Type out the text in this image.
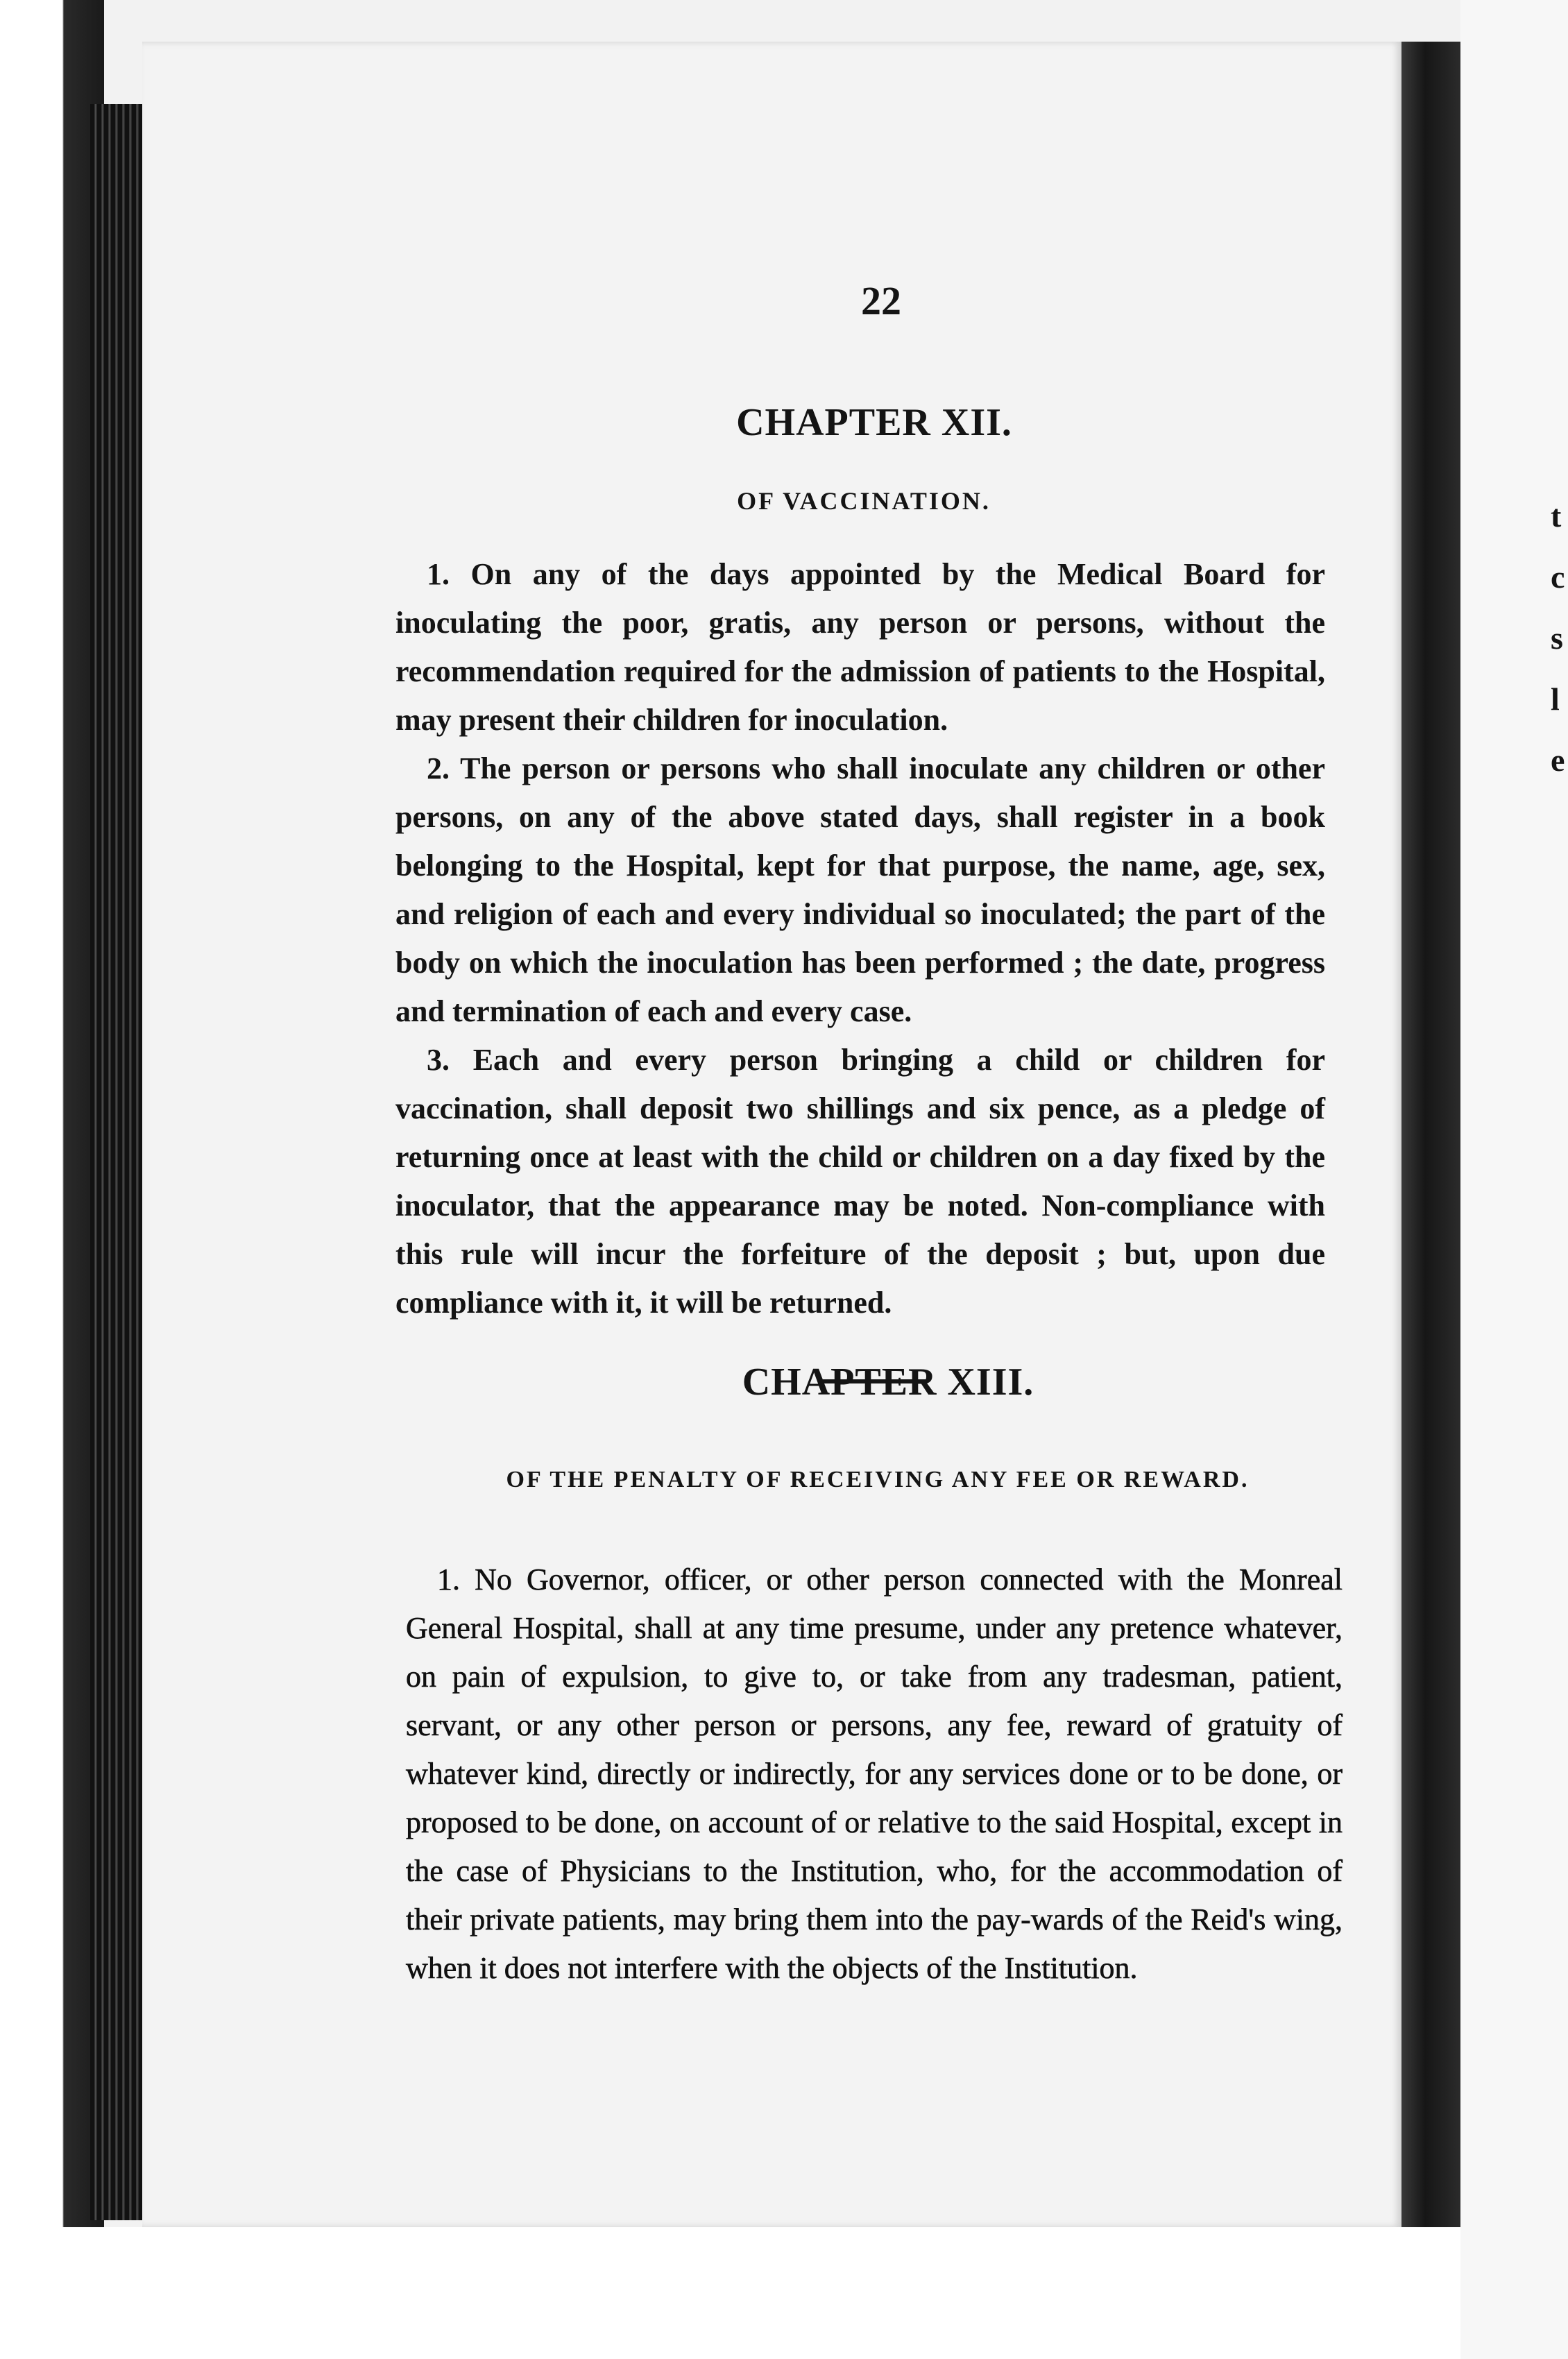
t c s l e
22
CHAPTER XII.
OF VACCINATION.

1. On any of the days appointed by the Medical Board for inoculating the poor, gratis, any person or persons, without the recommendation required for the admission of patients to the Hospital, may present their children for inoculation.

2. The person or persons who shall inoculate any children or other persons, on any of the above stated days, shall register in a book belonging to the Hospital, kept for that purpose, the name, age, sex, and religion of each and every individual so inoculated; the part of the body on which the inoculation has been performed ; the date, progress and termination of each and every case.

3. Each and every person bringing a child or children for vaccination, shall deposit two shillings and six pence, as a pledge of returning once at least with the child or children on a day fixed by the inoculator, that the appearance may be noted. Non-compliance with this rule will incur the forfeiture of the deposit ; but, upon due compliance with it, it will be returned.

CHAPTER XIII.
OF THE PENALTY OF RECEIVING ANY FEE OR REWARD.

1. No Governor, officer, or other person connected with the Monreal General Hospital, shall at any time presume, under any pretence whatever, on pain of expulsion, to give to, or take from any tradesman, patient, servant, or any other person or persons, any fee, reward of gratuity of whatever kind, directly or indirectly, for any services done or to be done, or proposed to be done, on account of or relative to the said Hospital, except in the case of Physicians to the Institution, who, for the accommodation of their private patients, may bring them into the pay-wards of the Reid's wing, when it does not interfere with the objects of the Institution.
